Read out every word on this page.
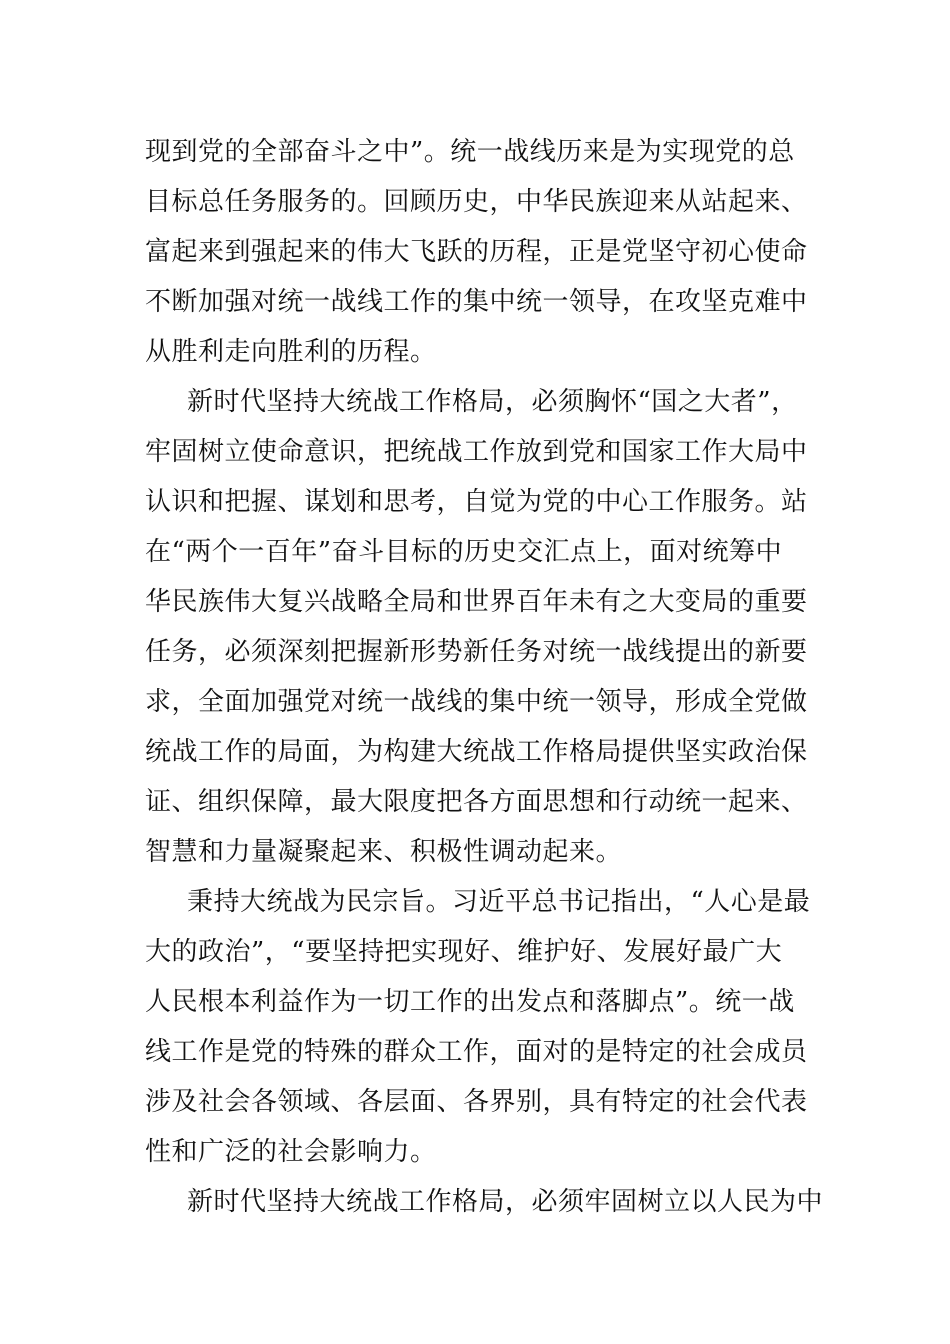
现到党的全部奋斗之中”。统一战线历来是为实现党的总
目标总任务服务的。回顾历史，中华民族迎来从站起来、
富起来到强起来的伟大飞跃的历程，正是党坚守初心使命
不断加强对统一战线工作的集中统一领导，在攻坚克难中
从胜利走向胜利的历程。
新时代坚持大统战工作格局，必须胸怀“国之大者”，
牢固树立使命意识，把统战工作放到党和国家工作大局中
认识和把握、谋划和思考，自觉为党的中心工作服务。站
在“两个一百年”奋斗目标的历史交汇点上，面对统筹中
华民族伟大复兴战略全局和世界百年未有之大变局的重要
任务，必须深刻把握新形势新任务对统一战线提出的新要
求，全面加强党对统一战线的集中统一领导，形成全党做
统战工作的局面，为构建大统战工作格局提供坚实政治保
证、组织保障，最大限度把各方面思想和行动统一起来、
智慧和力量凝聚起来、积极性调动起来。
秉持大统战为民宗旨。习近平总书记指出，“人心是最
大的政治”，“要坚持把实现好、维护好、发展好最广大
人民根本利益作为一切工作的出发点和落脚点”。统一战
线工作是党的特殊的群众工作，面对的是特定的社会成员
涉及社会各领域、各层面、各界别，具有特定的社会代表
性和广泛的社会影响力。
新时代坚持大统战工作格局，必须牢固树立以人民为中
